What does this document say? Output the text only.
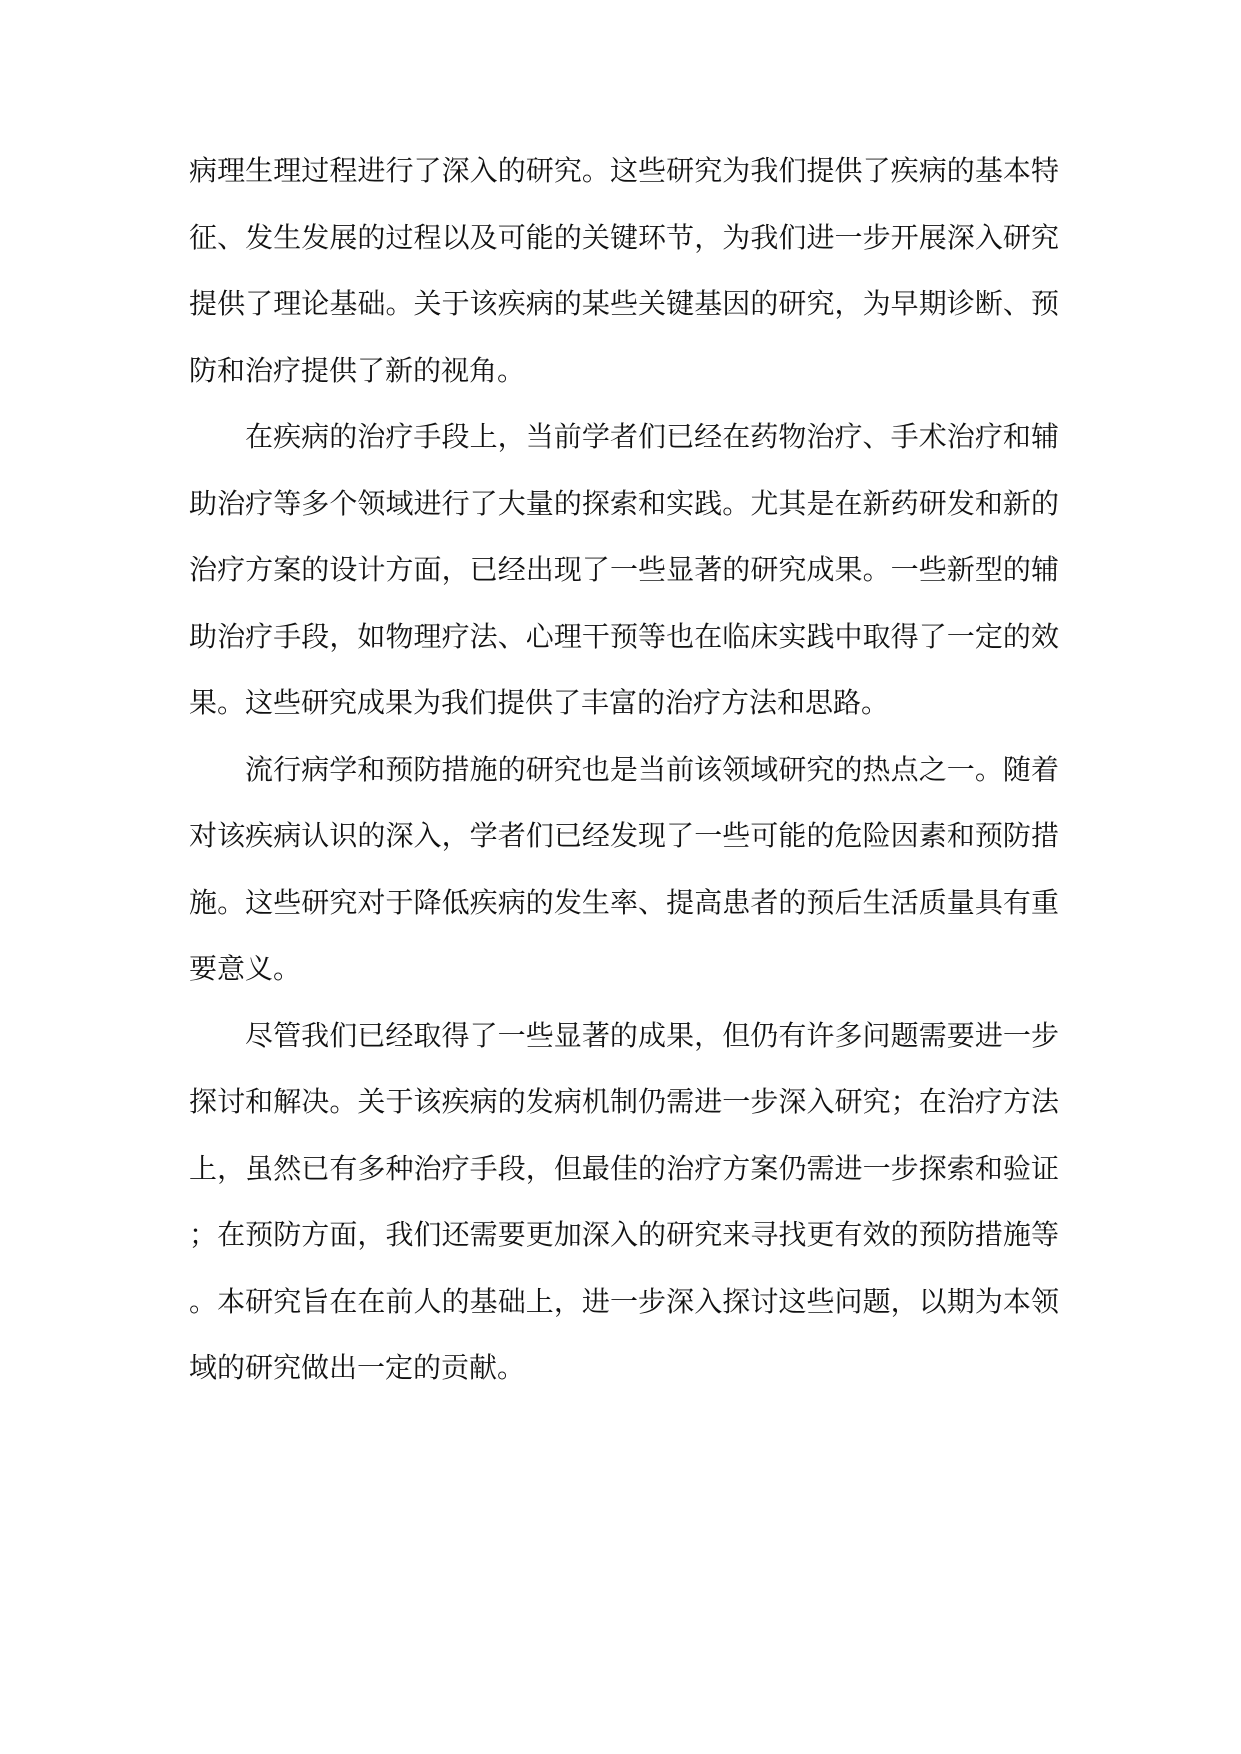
病理生理过程进行了深入的研究。这些研究为我们提供了疾病的基本特征、发生发展的过程以及可能的关键环节，为我们进一步开展深入研究提供了理论基础。关于该疾病的某些关键基因的研究，为早期诊断、预防和治疗提供了新的视角。

在疾病的治疗手段上，当前学者们已经在药物治疗、手术治疗和辅助治疗等多个领域进行了大量的探索和实践。尤其是在新药研发和新的治疗方案的设计方面，已经出现了一些显著的研究成果。一些新型的辅助治疗手段，如物理疗法、心理干预等也在临床实践中取得了一定的效果。这些研究成果为我们提供了丰富的治疗方法和思路。

流行病学和预防措施的研究也是当前该领域研究的热点之一。随着对该疾病认识的深入，学者们已经发现了一些可能的危险因素和预防措施。这些研究对于降低疾病的发生率、提高患者的预后生活质量具有重要意义。

尽管我们已经取得了一些显著的成果，但仍有许多问题需要进一步探讨和解决。关于该疾病的发病机制仍需进一步深入研究；在治疗方法上，虽然已有多种治疗手段，但最佳的治疗方案仍需进一步探索和验证；在预防方面，我们还需要更加深入的研究来寻找更有效的预防措施等。本研究旨在在前人的基础上，进一步深入探讨这些问题，以期为本领域的研究做出一定的贡献。
